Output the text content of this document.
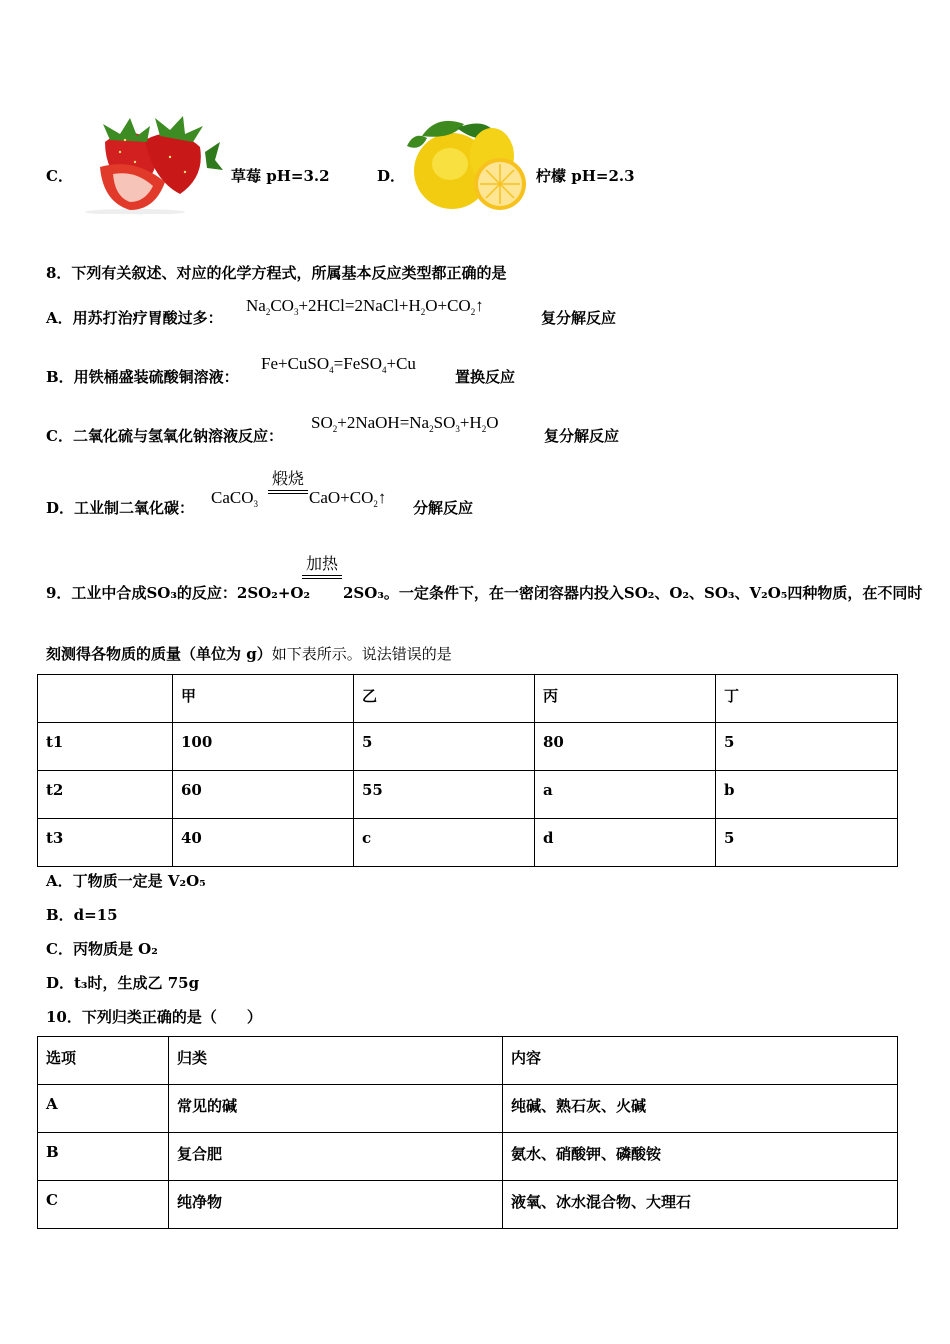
C．	草莓 pH=3.2	D．	柠檬 pH=2.3
8．下列有关叙述、对应的化学方程式，所属基本反应类型都正确的是
A．用苏打治疗胃酸过多：
$Na_2CO_3+2HCl=2NaCl+H_2O+CO_2↑$
复分解反应
B．用铁桶盛装硫酸铜溶液：
Fe+CuSO$_4$=FeSO$_4$+Cu
置换反应
C．二氧化硫与氢氧化钠溶液反应：
$SO_2+2NaOH=Na_2SO_3+H_2O$
复分解反应
D．工业制二氧化碳：
CaCO$_3$
煅烧
$CaO+CO_2↑$
分解反应
9．工业中合成SO₃的反应：2SO₂+O₂
加热
2SO₃。一定条件下，在一密闭容器内投入SO₂、O₂、SO₃、V₂O₅四种物质，在不同时
刻测得各物质的质量（单位为 g）如下表所示。说法错误的是
	甲	乙	丙	丁
t1	100	5	80	5
t2	60	55	a	b
t3	40	c	d	5
A．丁物质一定是 V₂O₅
B．d=15
C．丙物质是 O₂
D．t₃时，生成乙 75g
10．下列归类正确的是（　　）
选项	归类	内容
A	常见的碱	纯碱、熟石灰、火碱
B	复合肥	氨水、硝酸钾、磷酸铵
C	纯净物	液氧、冰水混合物、大理石
